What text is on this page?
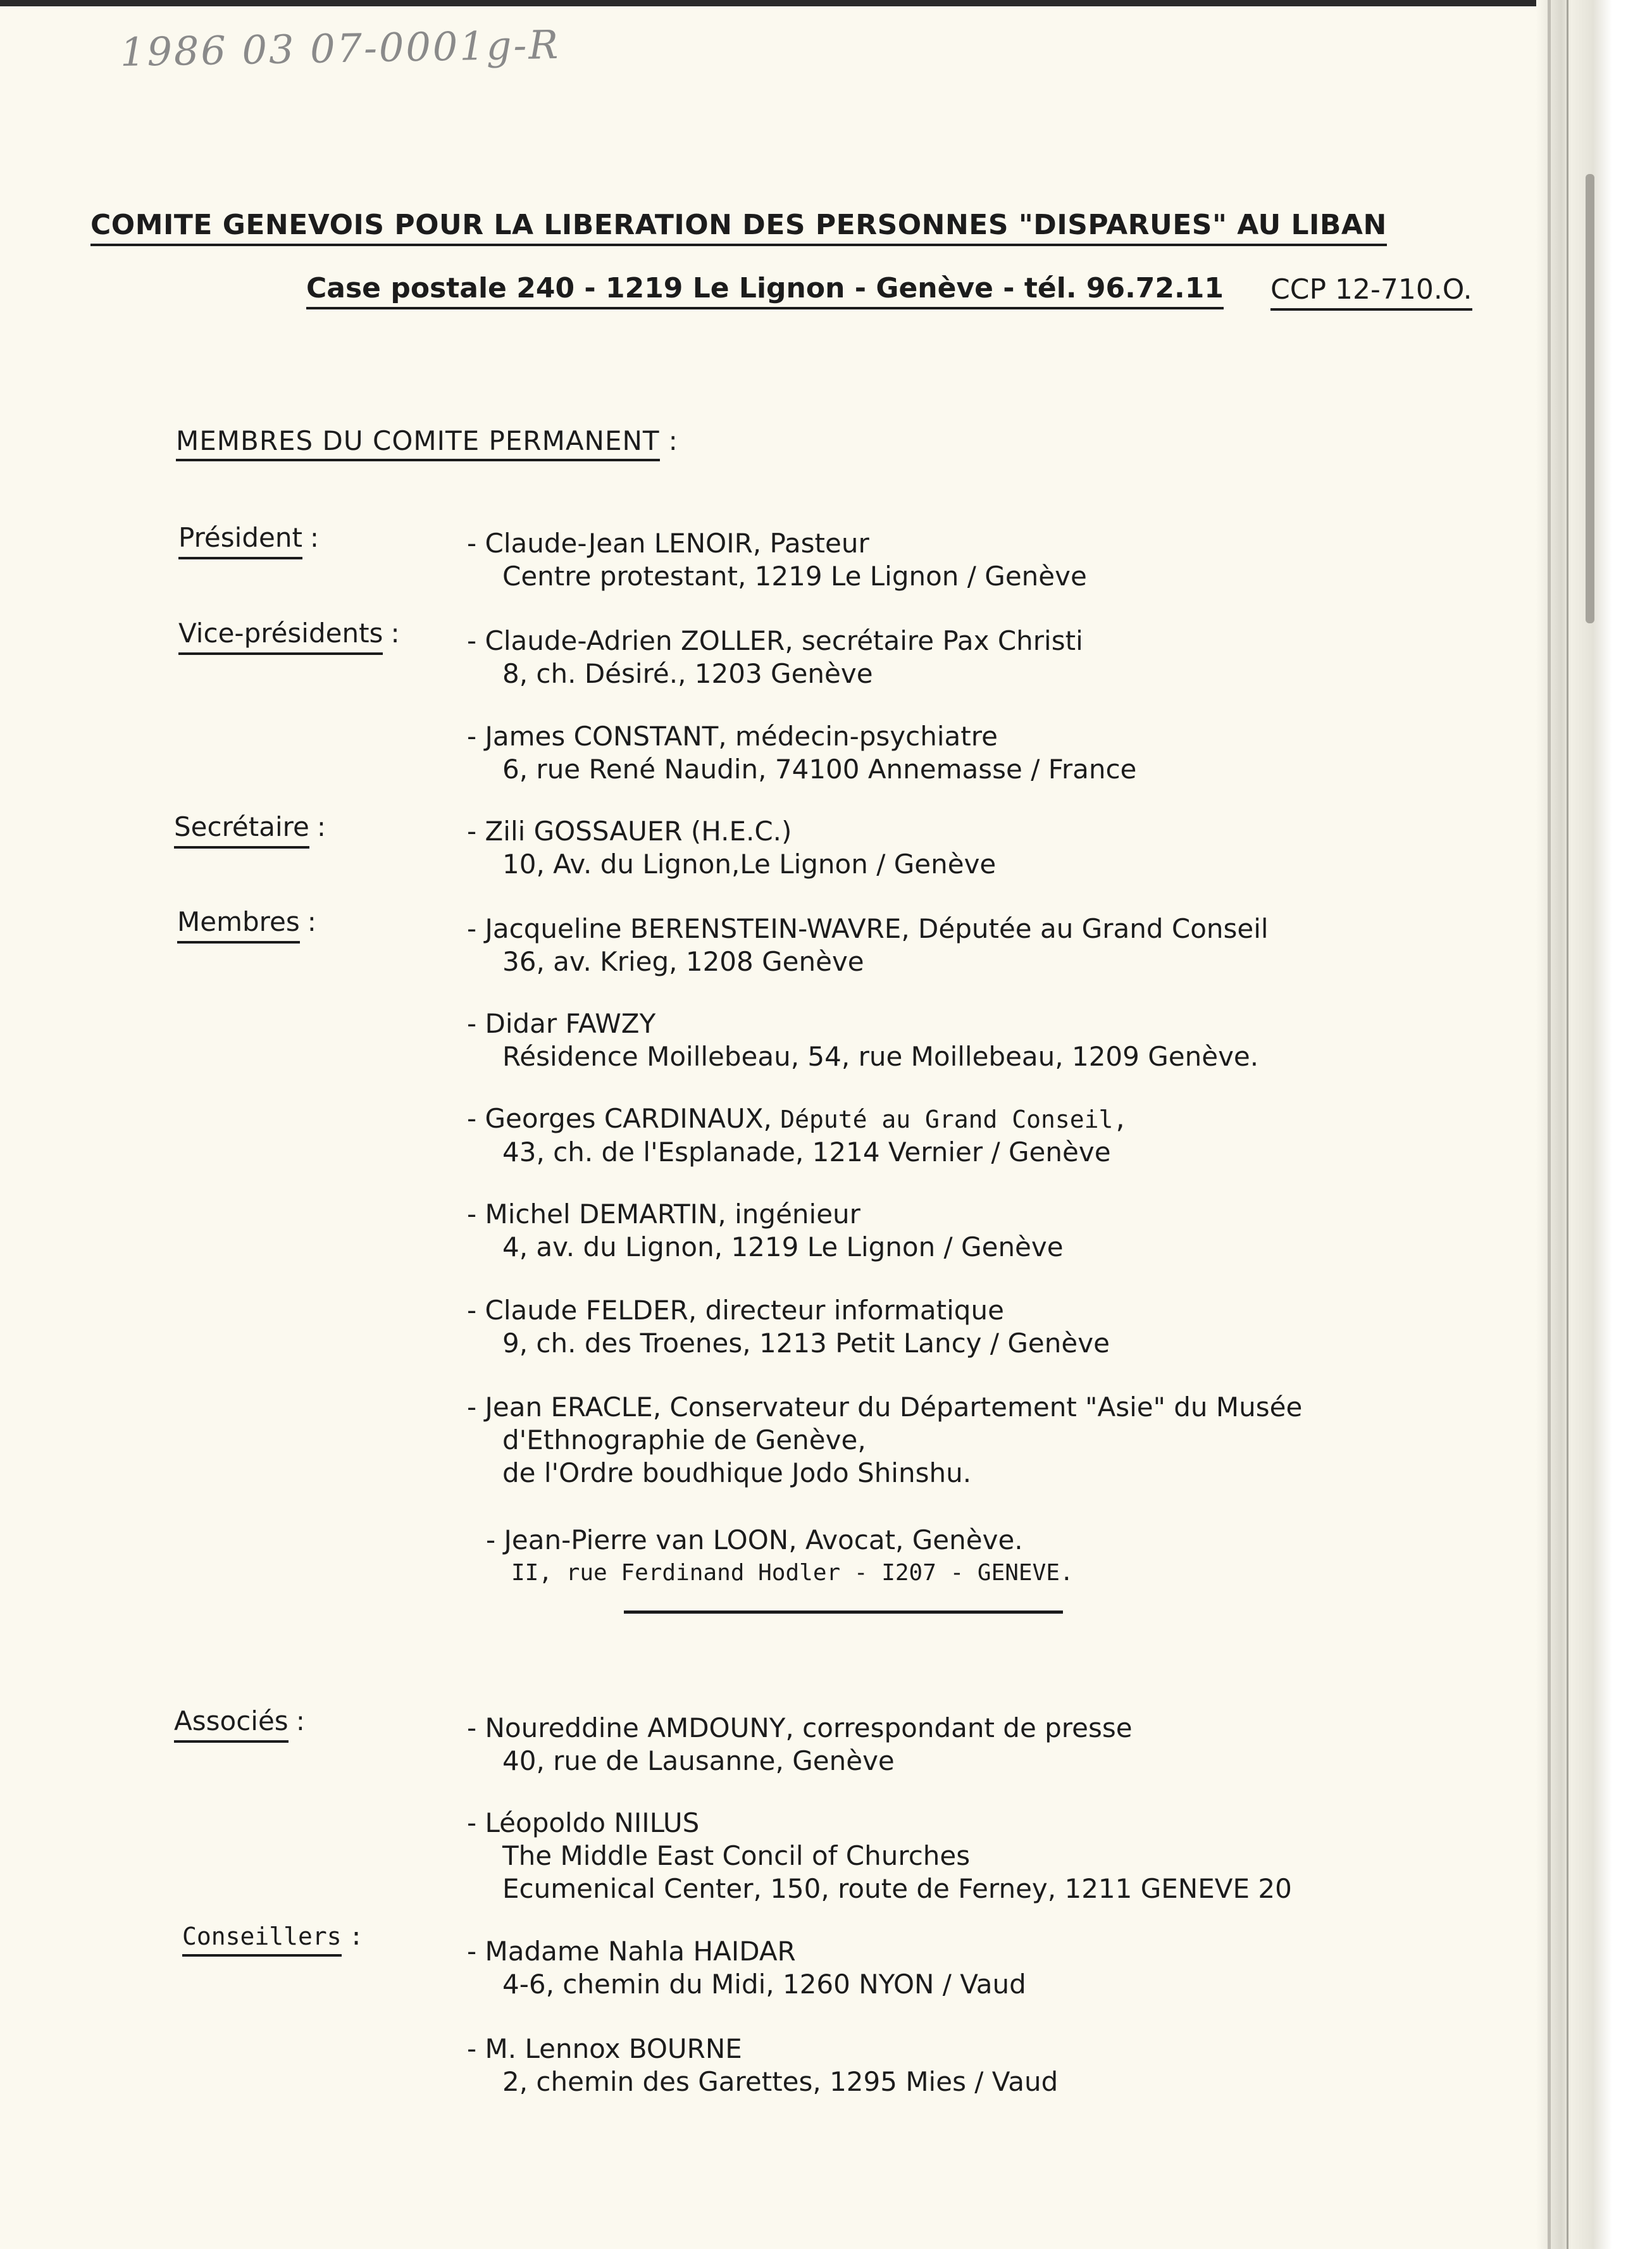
1986 03 07-0001g-R
COMITE GENEVOIS POUR LA LIBERATION DES PERSONNES "DISPARUES" AU LIBAN
Case postale 240 - 1219 Le Lignon - Genève - tél. 96.72.11 CCP 12-710.O.
MEMBRES DU COMITE PERMANENT :
Président :
Vice-présidents :
Secrétaire :
Membres :
Associés :
Conseillers :
- Claude-Jean LENOIR, Pasteur
Centre protestant, 1219 Le Lignon / Genève
- Claude-Adrien ZOLLER, secrétaire Pax Christi
8, ch. Désiré., 1203 Genève
- James CONSTANT, médecin-psychiatre
6, rue René Naudin, 74100 Annemasse / France
- Zili GOSSAUER (H.E.C.)
10, Av. du Lignon,Le Lignon / Genève
- Jacqueline BERENSTEIN-WAVRE, Députée au Grand Conseil
36, av. Krieg, 1208 Genève
- Didar FAWZY
Résidence Moillebeau, 54, rue Moillebeau, 1209 Genève.
- Georges CARDINAUX, Député au Grand Conseil,
43, ch. de l'Esplanade, 1214 Vernier / Genève
- Michel DEMARTIN, ingénieur
4, av. du Lignon, 1219 Le Lignon / Genève
- Claude FELDER, directeur informatique
9, ch. des Troenes, 1213 Petit Lancy / Genève
- Jean ERACLE, Conservateur du Département "Asie" du Musée
d'Ethnographie de Genève,
de l'Ordre boudhique Jodo Shinshu.
- Jean-Pierre van LOON, Avocat, Genève.
II, rue Ferdinand Hodler - I207 - GENEVE.
- Noureddine AMDOUNY, correspondant de presse
40, rue de Lausanne, Genève
- Léopoldo NIILUS
The Middle East Concil of Churches
Ecumenical Center, 150, route de Ferney, 1211 GENEVE 20
- Madame Nahla HAIDAR
4-6, chemin du Midi, 1260 NYON / Vaud
- M. Lennox BOURNE
2, chemin des Garettes, 1295 Mies / Vaud
